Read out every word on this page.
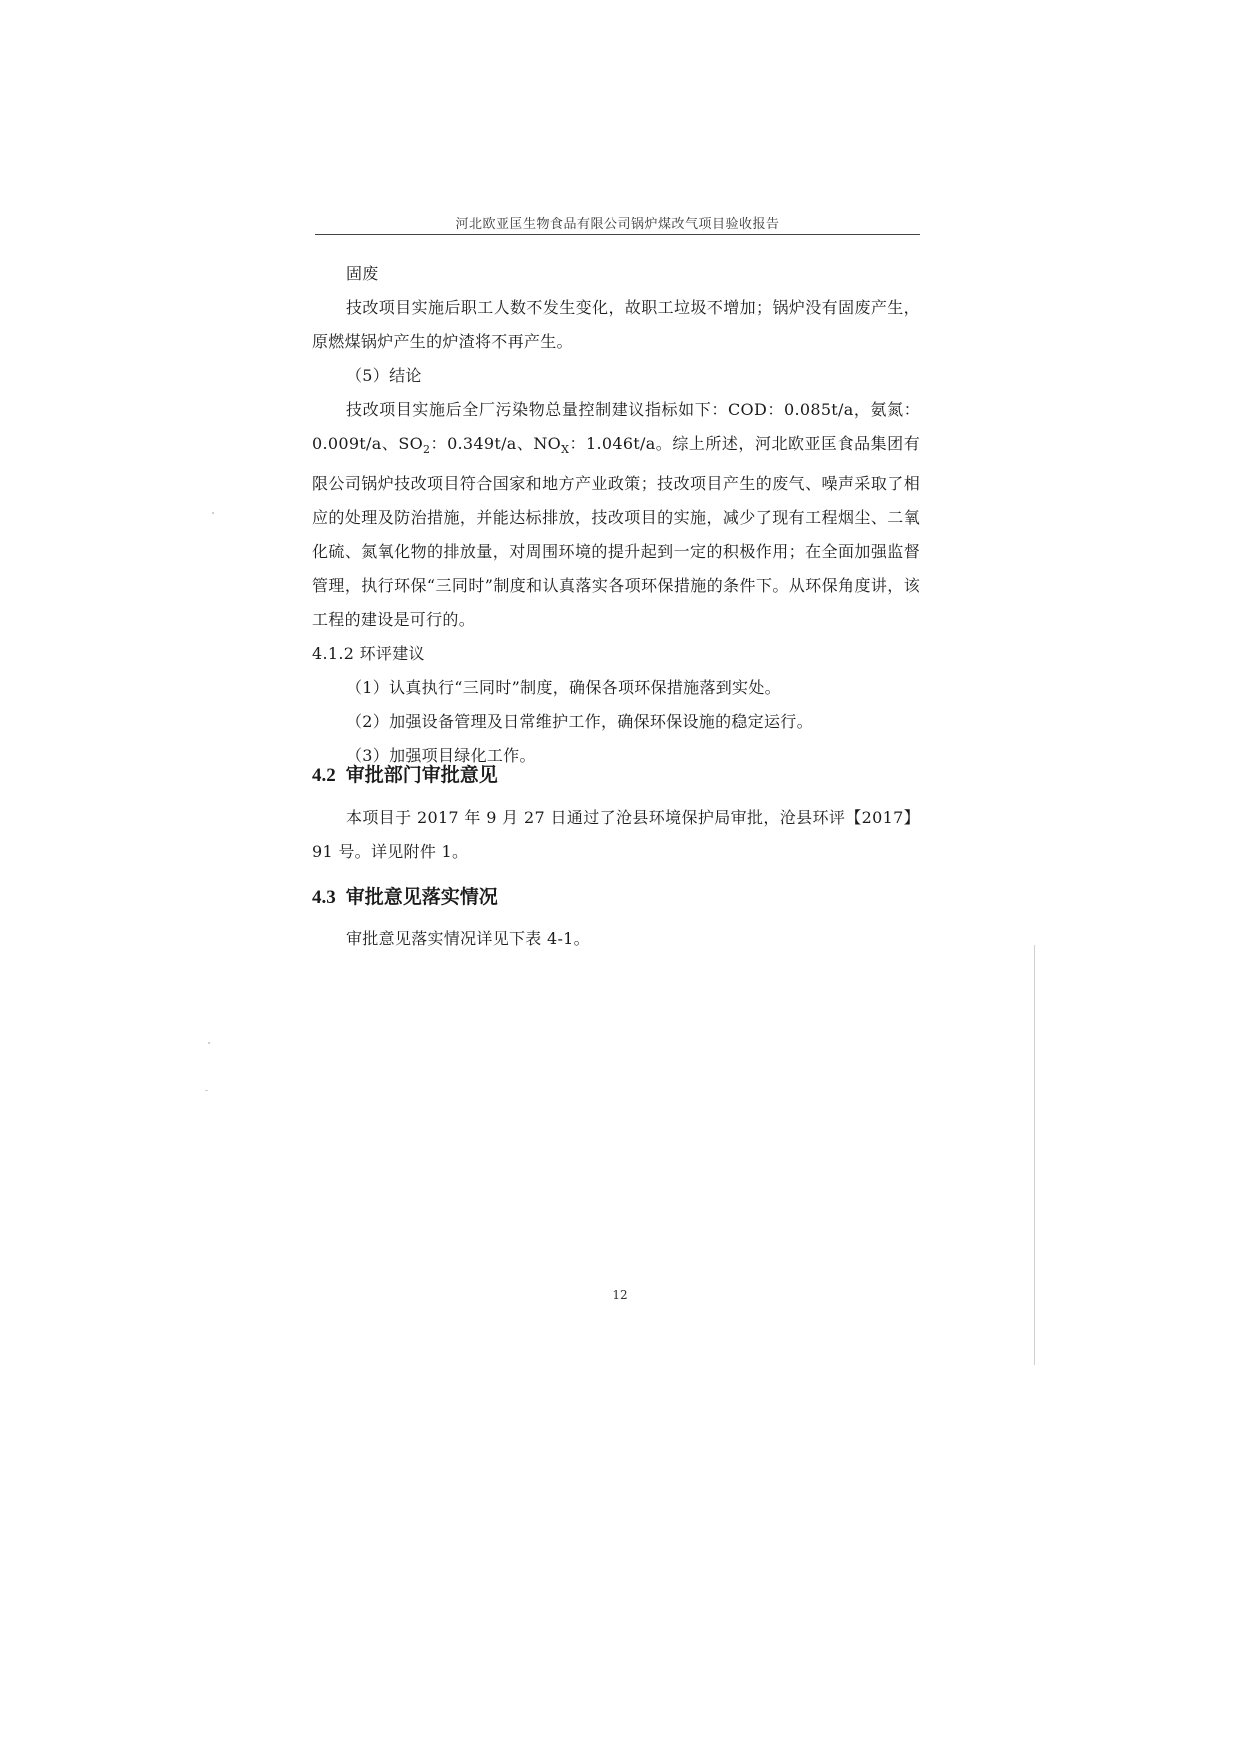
河北欧亚匡生物食品有限公司锅炉煤改气项目验收报告

固废

技改项目实施后职工人数不发生变化，故职工垃圾不增加；锅炉没有固废产生，原燃煤锅炉产生的炉渣将不再产生。

（5）结论

技改项目实施后全厂污染物总量控制建议指标如下：COD：0.085t/a，氨氮：0.009t/a、$SO_2$：0.349t/a、$NO_X$：1.046t/a。综上所述，河北欧亚匡食品集团有限公司锅炉技改项目符合国家和地方产业政策；技改项目产生的废气、噪声采取了相应的处理及防治措施，并能达标排放，技改项目的实施，减少了现有工程烟尘、二氧化硫、氮氧化物的排放量，对周围环境的提升起到一定的积极作用；在全面加强监督管理，执行环保“三同时”制度和认真落实各项环保措施的条件下。从环保角度讲，该工程的建设是可行的。

4.1.2 环评建议

（1）认真执行“三同时”制度，确保各项环保措施落到实处。

（2）加强设备管理及日常维护工作，确保环保设施的稳定运行。

（3）加强项目绿化工作。

4.2 审批部门审批意见

本项目于 2017 年 9 月 27 日通过了沧县环境保护局审批，沧县环评【2017】91 号。详见附件 1。

4.3 审批意见落实情况

审批意见落实情况详见下表 4-1。

12
